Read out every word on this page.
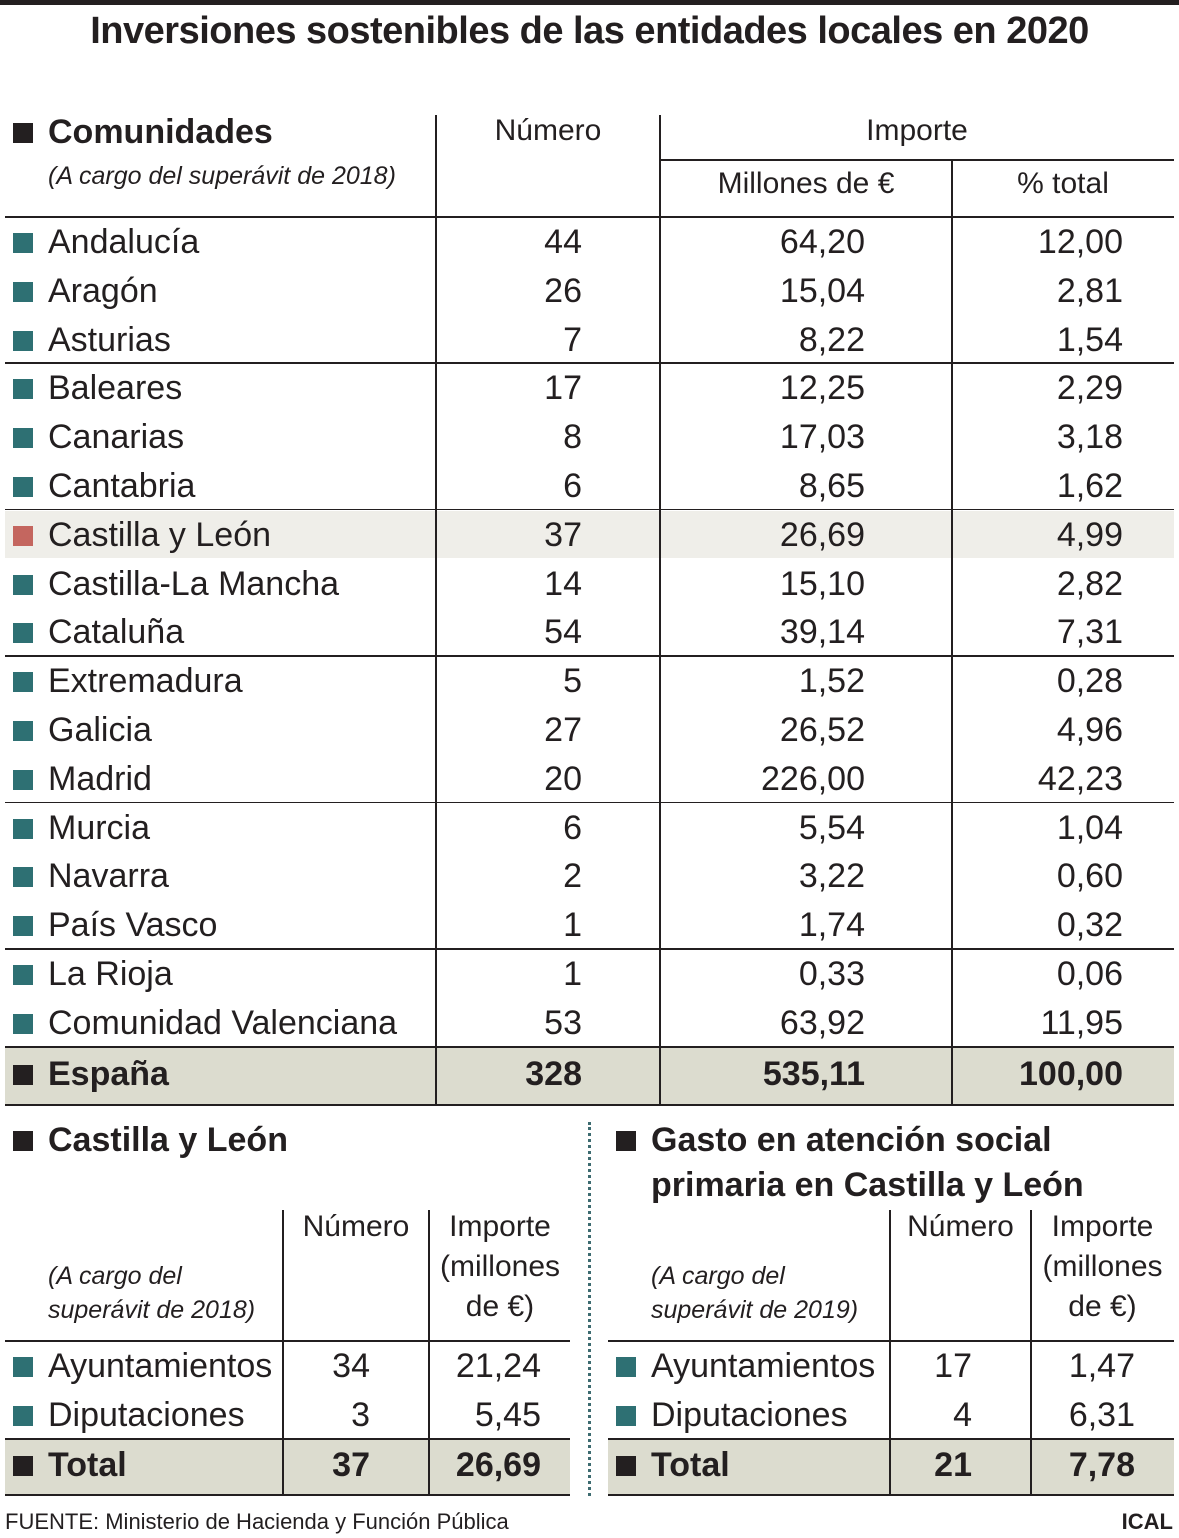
Inversiones sostenibles de las entidades locales en 2020
Comunidades
(A cargo del superávit de 2018)
Número	Importe
Millones de €	% total
Andalucía	44	64,20	12,00
Aragón	26	15,04	2,81
Asturias	7	8,22	1,54
Baleares	17	12,25	2,29
Canarias	8	17,03	3,18
Cantabria	6	8,65	1,62
Castilla y León	37	26,69	4,99
Castilla-La Mancha	14	15,10	2,82
Cataluña	54	39,14	7,31
Extremadura	5	1,52	0,28
Galicia	27	26,52	4,96
Madrid	20	226,00	42,23
Murcia	6	5,54	1,04
Navarra	2	3,22	0,60
País Vasco	1	1,74	0,32
La Rioja	1	0,33	0,06
Comunidad Valenciana	53	63,92	11,95
España	328	535,11	100,00
Castilla y León
(A cargo del
superávit de 2018)
Número	Importe
(millones
de €)
Ayuntamientos	34	21,24
Diputaciones	3	5,45
Total	37	26,69
Gasto en atención social
primaria en Castilla y León
(A cargo del
superávit de 2019)
Número	Importe
(millones
de €)
Ayuntamientos	17	1,47
Diputaciones	4	6,31
Total	21	7,78
FUENTE: Ministerio de Hacienda y Función Pública	ICAL
